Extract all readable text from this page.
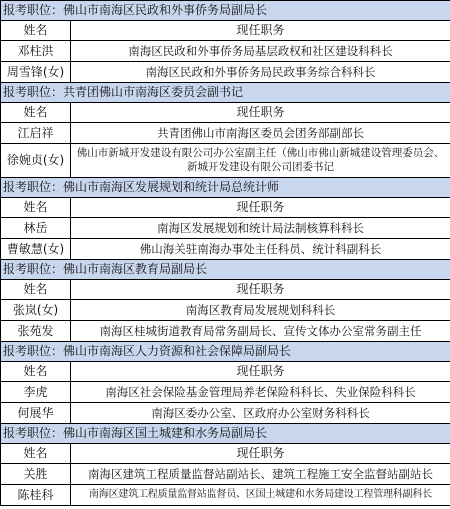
报考职位：佛山市南海区民政和外事侨务局副局长	
姓名	现任职务
邓柱洪	南海区民政和外事侨务局基层政权和社区建设科科长
周雪锋(女)	南海区民政和外事侨务局民政事务综合科科长
报考职位：共青团佛山市南海区委员会副书记	
姓名	现任职务
江启祥	共青团佛山市南海区委员会团务部副部长
徐婉贞(女)	佛山市新城开发建设有限公司办公室副主任（佛山市佛山新城建设管理委员会、新城开发建设有限公司团委书记
报考职位：佛山市南海区发展规划和统计局总统计师	
姓名	现任职务
林岳	南海区发展规划和统计局法制核算科科长
曹敏慧(女)	佛山海关驻南海办事处主任科员、统计科副科长
报考职位：佛山市南海区教育局副局长	
姓名	现任职务
张岚(女)	南海区教育局发展规划科科长
张苑发	南海区桂城街道教育局常务副局长、宣传文体办公室常务副主任
报考职位：佛山市南海区人力资源和社会保障局副局长	
姓名	现任职务
李虎	南海区社会保险基金管理局养老保险科科长、失业保险科科长
何展华	南海区委办公室、区政府办公室财务科科长
报考职位：佛山市南海区国土城建和水务局副局长	
姓名	现任职务
关胜	南海区建筑工程质量监督站副站长、建筑工程施工安全监督站副站长
陈桂科	南海区建筑工程质量监督站监督员、区国土城建和水务局建设工程管理科副科长
